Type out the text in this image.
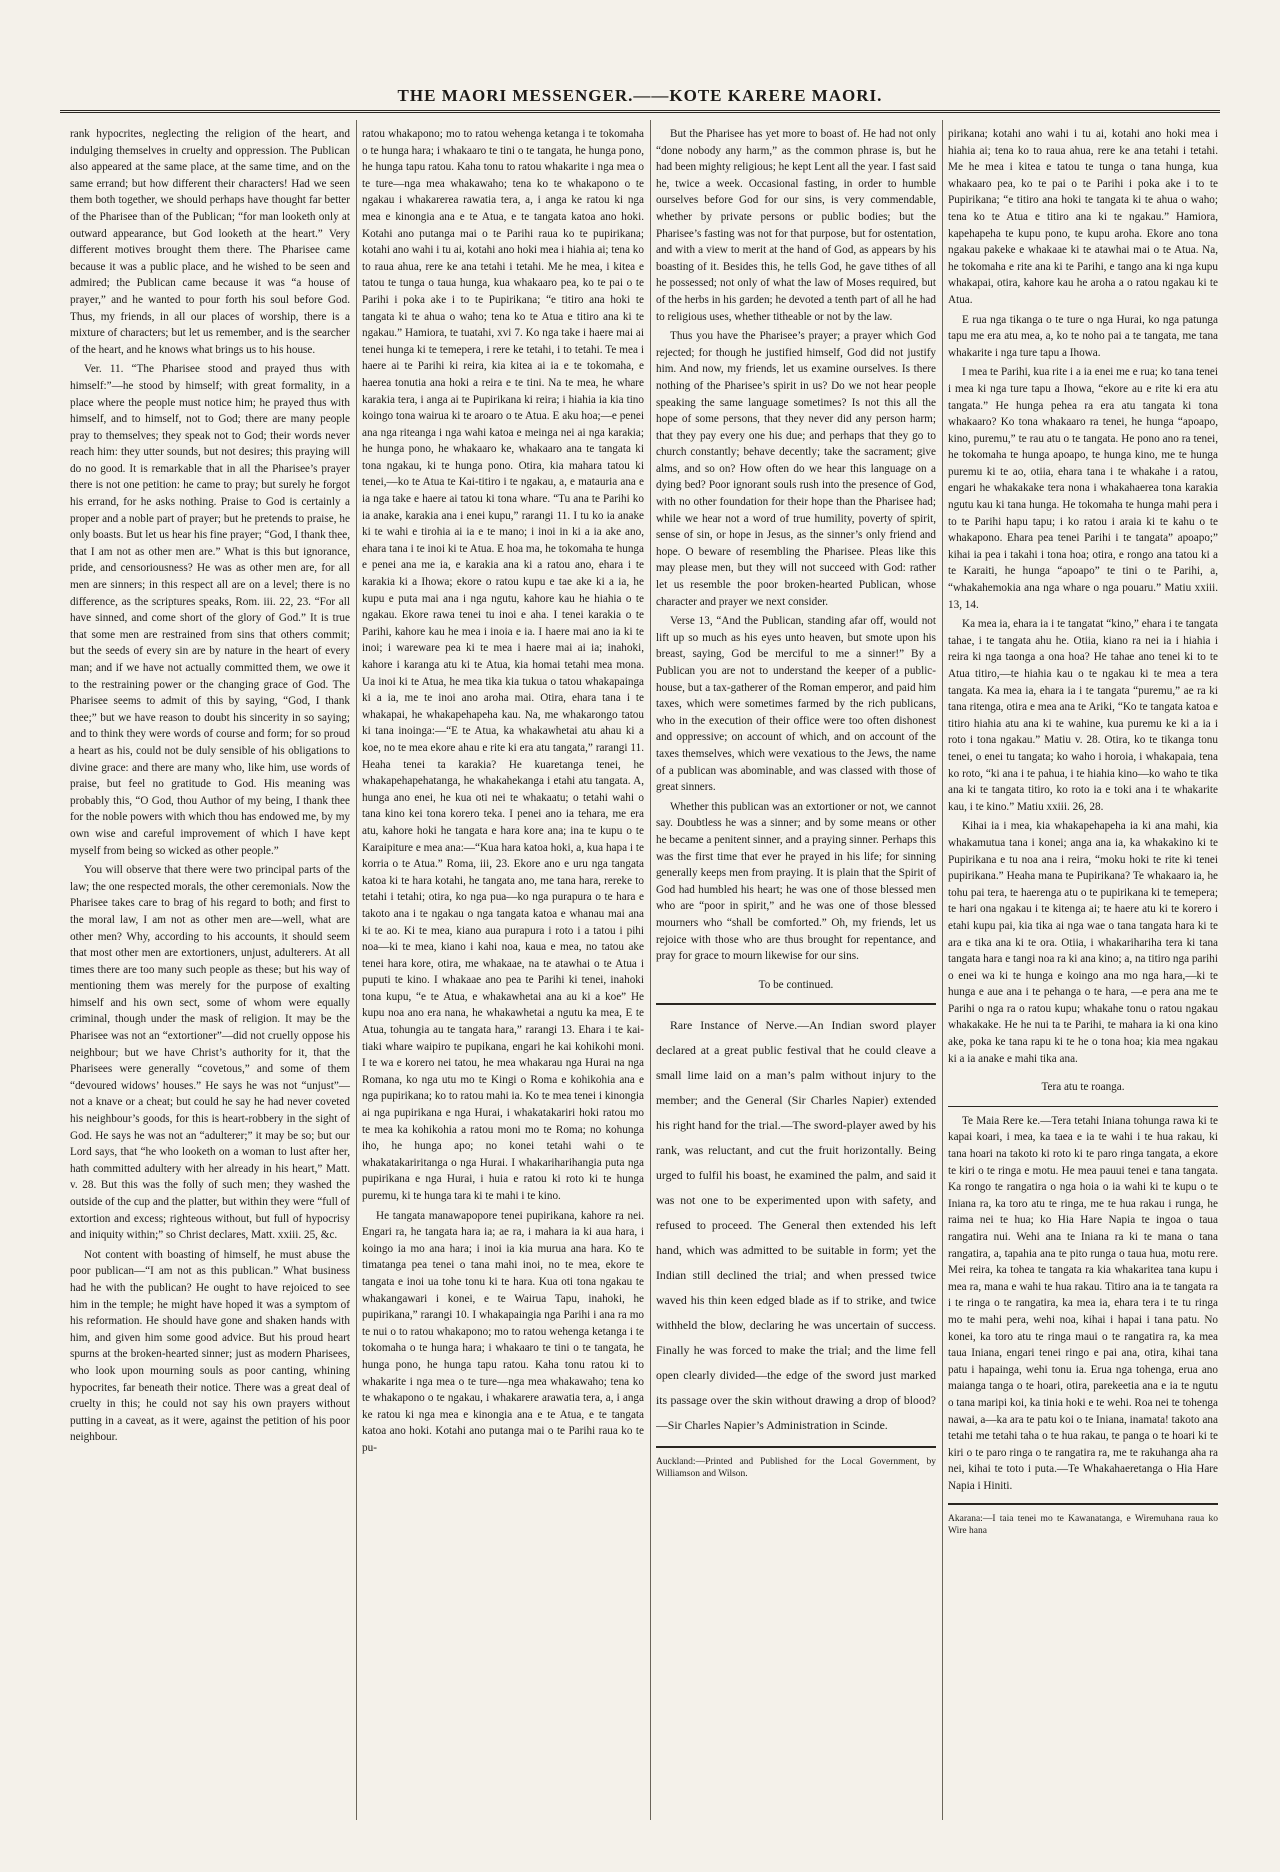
THE MAORI MESSENGER.——KOTE KARERE MAORI.

rank hypocrites, neglecting the religion of the heart, and indulging themselves in cruelty and oppression. The Publican also appeared at the same place, at the same time, and on the same errand; but how different their characters! Had we seen them both together, we should perhaps have thought far better of the Pharisee than of the Publican; “for man looketh only at outward appearance, but God looketh at the heart.” Very different motives brought them there. The Pharisee came because it was a public place, and he wished to be seen and admired; the Publican came because it was “a house of prayer,” and he wanted to pour forth his soul before God. Thus, my friends, in all our places of worship, there is a mixture of characters; but let us remember, and is the searcher of the heart, and he knows what brings us to his house.

Ver. 11. “The Pharisee stood and prayed thus with himself:”—he stood by himself; with great formality, in a place where the people must notice him; he prayed thus with himself, and to himself, not to God; there are many people pray to themselves; they speak not to God; their words never reach him: they utter sounds, but not desires; this praying will do no good. It is remarkable that in all the Pharisee’s prayer there is not one petition: he came to pray; but surely he forgot his errand, for he asks nothing. Praise to God is certainly a proper and a noble part of prayer; but he pretends to praise, he only boasts. But let us hear his fine prayer; “God, I thank thee, that I am not as other men are.” What is this but ignorance, pride, and censoriousness? He was as other men are, for all men are sinners; in this respect all are on a level; there is no difference, as the scriptures speaks, Rom. iii. 22, 23. “For all have sinned, and come short of the glory of God.” It is true that some men are restrained from sins that others commit; but the seeds of every sin are by nature in the heart of every man; and if we have not actually committed them, we owe it to the restraining power or the changing grace of God. The Pharisee seems to admit of this by saying, “God, I thank thee;” but we have reason to doubt his sincerity in so saying; and to think they were words of course and form; for so proud a heart as his, could not be duly sensible of his obligations to divine grace: and there are many who, like him, use words of praise, but feel no gratitude to God. His meaning was probably this, “O God, thou Author of my being, I thank thee for the noble powers with which thou has endowed me, by my own wise and careful improvement of which I have kept myself from being so wicked as other people.”

You will observe that there were two principal parts of the law; the one respected morals, the other ceremonials. Now the Pharisee takes care to brag of his regard to both; and first to the moral law, I am not as other men are—well, what are other men? Why, according to his accounts, it should seem that most other men are extortioners, unjust, adulterers. At all times there are too many such people as these; but his way of mentioning them was merely for the purpose of exalting himself and his own sect, some of whom were equally criminal, though under the mask of religion. It may be the Pharisee was not an “extortioner”—did not cruelly oppose his neighbour; but we have Christ’s authority for it, that the Pharisees were generally “covetous,” and some of them “devoured widows’ houses.” He says he was not “unjust”—not a knave or a cheat; but could he say he had never coveted his neighbour’s goods, for this is heart-robbery in the sight of God. He says he was not an “adulterer;” it may be so; but our Lord says, that “he who looketh on a woman to lust after her, hath committed adultery with her already in his heart,” Matt. v. 28. But this was the folly of such men; they washed the outside of the cup and the platter, but within they were “full of extortion and excess; righteous without, but full of hypocrisy and iniquity within;” so Christ declares, Matt. xxiii. 25, &c.

Not content with boasting of himself, he must abuse the poor publican—“I am not as this publican.” What business had he with the publican? He ought to have rejoiced to see him in the temple; he might have hoped it was a symptom of his reformation. He should have gone and shaken hands with him, and given him some good advice. But his proud heart spurns at the broken-hearted sinner; just as modern Pharisees, who look upon mourning souls as poor canting, whining hypocrites, far beneath their notice. There was a great deal of cruelty in this; he could not say his own prayers without putting in a caveat, as it were, against the petition of his poor neighbour.

ratou whakapono; mo to ratou wehenga ketanga i te tokomaha o te hunga hara; i whakaaro te tini o te tangata, he hunga pono, he hunga tapu ratou. Kaha tonu to ratou whakarite i nga mea o te ture—nga mea whakawaho; tena ko te whakapono o te ngakau i whakarerea rawatia tera, a, i anga ke ratou ki nga mea e kinongia ana e te Atua, e te tangata katoa ano hoki. Kotahi ano putanga mai o te Parihi raua ko te pupirikana; kotahi ano wahi i tu ai, kotahi ano hoki mea i hiahia ai; tena ko to raua ahua, rere ke ana tetahi i tetahi. Me he mea, i kitea e tatou te tunga o taua hunga, kua whakaaro pea, ko te pai o te Parihi i poka ake i to te Pupirikana; “e titiro ana hoki te tangata ki te ahua o waho; tena ko te Atua e titiro ana ki te ngakau.” Hamiora, te tuatahi, xvi 7. Ko nga take i haere mai ai tenei hunga ki te temepera, i rere ke tetahi, i to tetahi. Te mea i haere ai te Parihi ki reira, kia kitea ai ia e te tokomaha, e haerea tonutia ana hoki a reira e te tini. Na te mea, he whare karakia tera, i anga ai te Pupirikana ki reira; i hiahia ia kia tino koingo tona wairua ki te aroaro o te Atua. E aku hoa;—e penei ana nga riteanga i nga wahi katoa e meinga nei ai nga karakia; he hunga pono, he whakaaro ke, whakaaro ana te tangata ki tona ngakau, ki te hunga pono. Otira, kia mahara tatou ki tenei,—ko te Atua te Kai-titiro i te ngakau, a, e matauria ana e ia nga take e haere ai tatou ki tona whare. “Tu ana te Parihi ko ia anake, karakia ana i enei kupu,” rarangi 11. I tu ko ia anake ki te wahi e tirohia ai ia e te mano; i inoi in ki a ia ake ano, ehara tana i te inoi ki te Atua. E hoa ma, he tokomaha te hunga e penei ana me ia, e karakia ana ki a ratou ano, ehara i te karakia ki a Ihowa; ekore o ratou kupu e tae ake ki a ia, he kupu e puta mai ana i nga ngutu, kahore kau he hiahia o te ngakau. Ekore rawa tenei tu inoi e aha. I tenei karakia o te Parihi, kahore kau he mea i inoia e ia. I haere mai ano ia ki te inoi; i wareware pea ki te mea i haere mai ai ia; inahoki, kahore i karanga atu ki te Atua, kia homai tetahi mea mona. Ua inoi ki te Atua, he mea tika kia tukua o tatou whakapainga ki a ia, me te inoi ano aroha mai. Otira, ehara tana i te whakapai, he whakapehapeha kau. Na, me whakarongo tatou ki tana inoinga:—“E te Atua, ka whakawhetai atu ahau ki a koe, no te mea ekore ahau e rite ki era atu tangata,” rarangi 11. Heaha tenei ta karakia? He kuaretanga tenei, he whakapehapehatanga, he whakahekanga i etahi atu tangata. A, hunga ano enei, he kua oti nei te whakaatu; o tetahi wahi o tana kino kei tona korero teka. I penei ano ia tehara, me era atu, kahore hoki he tangata e hara kore ana; ina te kupu o te Karaipiture e mea ana:—“Kua hara katoa hoki, a, kua hapa i te korria o te Atua.” Roma, iii, 23. Ekore ano e uru nga tangata katoa ki te hara kotahi, he tangata ano, me tana hara, rereke to tetahi i tetahi; otira, ko nga pua—ko nga purapura o te hara e takoto ana i te ngakau o nga tangata katoa e whanau mai ana ki te ao. Ki te mea, kiano aua purapura i roto i a tatou i pihi noa—ki te mea, kiano i kahi noa, kaua e mea, no tatou ake tenei hara kore, otira, me whakaae, na te atawhai o te Atua i puputi te kino. I whakaae ano pea te Parihi ki tenei, inahoki tona kupu, “e te Atua, e whakawhetai ana au ki a koe” He kupu noa ano era nana, he whakawhetai a ngutu ka mea, E te Atua, tohungia au te tangata hara,” rarangi 13. Ehara i te kai-tiaki whare waipiro te pupikana, engari he kai kohikohi moni. I te wa e korero nei tatou, he mea whakarau nga Hurai na nga Romana, ko nga utu mo te Kingi o Roma e kohikohia ana e nga pupirikana; ko to ratou mahi ia. Ko te mea tenei i kinongia ai nga pupirikana e nga Hurai, i whakatakariri hoki ratou mo te mea ka kohikohia a ratou moni mo te Roma; no kohunga iho, he hunga apo; no konei tetahi wahi o te whakatakariritanga o nga Hurai. I whakariharihangia puta nga pupirikana e nga Hurai, i huia e ratou ki roto ki te hunga puremu, ki te hunga tara ki te mahi i te kino.

He tangata manawapopore tenei pupirikana, kahore ra nei. Engari ra, he tangata hara ia; ae ra, i mahara ia ki aua hara, i koingo ia mo ana hara; i inoi ia kia murua ana hara. Ko te timatanga pea tenei o tana mahi inoi, no te mea, ekore te tangata e inoi ua tohe tonu ki te hara. Kua oti tona ngakau te whakangawari i konei, e te Wairua Tapu, inahoki, he pupirikana,” rarangi 10. I whakapaingia nga Parihi i ana ra mo te nui o to ratou whakapono; mo to ratou wehenga ketanga i te tokomaha o te hunga hara; i whakaaro te tini o te tangata, he hunga pono, he hunga tapu ratou. Kaha tonu ratou ki to whakarite i nga mea o te ture—nga mea whakawaho; tena ko te whakapono o te ngakau, i whakarere arawatia tera, a, i anga ke ratou ki nga mea e kinongia ana e te Atua, e te tangata katoa ano hoki. Kotahi ano putanga mai o te Parihi raua ko te pu-

But the Pharisee has yet more to boast of. He had not only “done nobody any harm,” as the common phrase is, but he had been mighty religious; he kept Lent all the year. I fast said he, twice a week. Occasional fasting, in order to humble ourselves before God for our sins, is very commendable, whether by private persons or public bodies; but the Pharisee’s fasting was not for that purpose, but for ostentation, and with a view to merit at the hand of God, as appears by his boasting of it. Besides this, he tells God, he gave tithes of all he possessed; not only of what the law of Moses required, but of the herbs in his garden; he devoted a tenth part of all he had to religious uses, whether titheable or not by the law.

Thus you have the Pharisee’s prayer; a prayer which God rejected; for though he justified himself, God did not justify him. And now, my friends, let us examine ourselves. Is there nothing of the Pharisee’s spirit in us? Do we not hear people speaking the same language sometimes? Is not this all the hope of some persons, that they never did any person harm; that they pay every one his due; and perhaps that they go to church constantly; behave decently; take the sacrament; give alms, and so on? How often do we hear this language on a dying bed? Poor ignorant souls rush into the presence of God, with no other foundation for their hope than the Pharisee had; while we hear not a word of true humility, poverty of spirit, sense of sin, or hope in Jesus, as the sinner’s only friend and hope. O beware of resembling the Pharisee. Pleas like this may please men, but they will not succeed with God: rather let us resemble the poor broken-hearted Publican, whose character and prayer we next consider.

Verse 13, “And the Publican, standing afar off, would not lift up so much as his eyes unto heaven, but smote upon his breast, saying, God be merciful to me a sinner!” By a Publican you are not to understand the keeper of a public-house, but a tax-gatherer of the Roman emperor, and paid him taxes, which were sometimes farmed by the rich publicans, who in the execution of their office were too often dishonest and oppressive; on account of which, and on account of the taxes themselves, which were vexatious to the Jews, the name of a publican was abominable, and was classed with those of great sinners.

Whether this publican was an extortioner or not, we cannot say. Doubtless he was a sinner; and by some means or other he became a penitent sinner, and a praying sinner. Perhaps this was the first time that ever he prayed in his life; for sinning generally keeps men from praying. It is plain that the Spirit of God had humbled his heart; he was one of those blessed men who are “poor in spirit,” and he was one of those blessed mourners who “shall be comforted.” Oh, my friends, let us rejoice with those who are thus brought for repentance, and pray for grace to mourn likewise for our sins.

To be continued.

Rare Instance of Nerve.—An Indian sword player declared at a great public festival that he could cleave a small lime laid on a man’s palm without injury to the member; and the General (Sir Charles Napier) extended his right hand for the trial.—The sword-player awed by his rank, was reluctant, and cut the fruit horizontally. Being urged to fulfil his boast, he examined the palm, and said it was not one to be experimented upon with safety, and refused to proceed. The General then extended his left hand, which was admitted to be suitable in form; yet the Indian still declined the trial; and when pressed twice waved his thin keen edged blade as if to strike, and twice withheld the blow, declaring he was uncertain of success. Finally he was forced to make the trial; and the lime fell open clearly divided—the edge of the sword just marked its passage over the skin without drawing a drop of blood?—Sir Charles Napier’s Administration in Scinde.

Auckland:—Printed and Published for the Local Government, by Williamson and Wilson.

pirikana; kotahi ano wahi i tu ai, kotahi ano hoki mea i hiahia ai; tena ko to raua ahua, rere ke ana tetahi i tetahi. Me he mea i kitea e tatou te tunga o tana hunga, kua whakaaro pea, ko te pai o te Parihi i poka ake i to te Pupirikana; “e titiro ana hoki te tangata ki te ahua o waho; tena ko te Atua e titiro ana ki te ngakau.” Hamiora, kapehapeha te kupu pono, te kupu aroha. Ekore ano tona ngakau pakeke e whakaae ki te atawhai mai o te Atua. Na, he tokomaha e rite ana ki te Parihi, e tango ana ki nga kupu whakapai, otira, kahore kau he aroha a o ratou ngakau ki te Atua.

E rua nga tikanga o te ture o nga Hurai, ko nga patunga tapu me era atu mea, a, ko te noho pai a te tangata, me tana whakarite i nga ture tapu a Ihowa.

I mea te Parihi, kua rite i a ia enei me e rua; ko tana tenei i mea ki nga ture tapu a Ihowa, “ekore au e rite ki era atu tangata.” He hunga pehea ra era atu tangata ki tona whakaaro? Ko tona whakaaro ra tenei, he hunga “apoapo, kino, puremu,” te rau atu o te tangata. He pono ano ra tenei, he tokomaha te hunga apoapo, te hunga kino, me te hunga puremu ki te ao, otiia, ehara tana i te whakahe i a ratou, engari he whakakake tera nona i whakahaerea tona karakia ngutu kau ki tana hunga. He tokomaha te hunga mahi pera i to te Parihi hapu tapu; i ko ratou i araia ki te kahu o te whakapono. Ehara pea tenei Parihi i te tangata” apoapo;” kihai ia pea i takahi i tona hoa; otira, e rongo ana tatou ki a te Karaiti, he hunga “apoapo” te tini o te Parihi, a, “whakahemokia ana nga whare o nga pouaru.” Matiu xxiii. 13, 14.

Ka mea ia, ehara ia i te tangatat “kino,” ehara i te tangata tahae, i te tangata ahu he. Otiia, kiano ra nei ia i hiahia i reira ki nga taonga a ona hoa? He tahae ano tenei ki to te Atua titiro,—te hiahia kau o te ngakau ki te mea a tera tangata. Ka mea ia, ehara ia i te tangata “puremu,” ae ra ki tana ritenga, otira e mea ana te Ariki, “Ko te tangata katoa e titiro hiahia atu ana ki te wahine, kua puremu ke ki a ia i roto i tona ngakau.” Matiu v. 28. Otira, ko te tikanga tonu tenei, o enei tu tangata; ko waho i horoia, i whakapaia, tena ko roto, “ki ana i te pahua, i te hiahia kino—ko waho te tika ana ki te tangata titiro, ko roto ia e toki ana i te whakarite kau, i te kino.” Matiu xxiii. 26, 28.

Kihai ia i mea, kia whakapehapeha ia ki ana mahi, kia whakamutua tana i konei; anga ana ia, ka whakakino ki te Pupirikana e tu noa ana i reira, “moku hoki te rite ki tenei pupirikana.” Heaha mana te Pupirikana? Te whakaaro ia, he tohu pai tera, te haerenga atu o te pupirikana ki te temepera; te hari ona ngakau i te kitenga ai; te haere atu ki te korero i etahi kupu pai, kia tika ai nga wae o tana tangata hara ki te ara e tika ana ki te ora. Otiia, i whakarihariha tera ki tana tangata hara e tangi noa ra ki ana kino; a, na titiro nga parihi o enei wa ki te hunga e koingo ana mo nga hara,—ki te hunga e aue ana i te pehanga o te hara, —e pera ana me te Parihi o nga ra o ratou kupu; whakahe tonu o ratou ngakau whakakake. He he nui ta te Parihi, te mahara ia ki ona kino ake, poka ke tana rapu ki te he o tona hoa; kia mea ngakau ki a ia anake e mahi tika ana.

Tera atu te roanga.

Te Maia Rere ke.—Tera tetahi Iniana tohunga rawa ki te kapai koari, i mea, ka taea e ia te wahi i te hua rakau, ki tana hoari na takoto ki roto ki te paro ringa tangata, a ekore te kiri o te ringa e motu. He mea pauui tenei e tana tangata. Ka rongo te rangatira o nga hoia o ia wahi ki te kupu o te Iniana ra, ka toro atu te ringa, me te hua rakau i runga, he raima nei te hua; ko Hia Hare Napia te ingoa o taua rangatira nui. Wehi ana te Iniana ra ki te mana o tana rangatira, a, tapahia ana te pito runga o taua hua, motu rere. Mei reira, ka tohea te tangata ra kia whakaritea tana kupu i mea ra, mana e wahi te hua rakau. Titiro ana ia te tangata ra i te ringa o te rangatira, ka mea ia, ehara tera i te tu ringa mo te mahi pera, wehi noa, kihai i hapai i tana patu. No konei, ka toro atu te ringa maui o te rangatira ra, ka mea taua Iniana, engari tenei ringo e pai ana, otira, kihai tana patu i hapainga, wehi tonu ia. Erua nga tohenga, erua ano maianga tanga o te hoari, otira, parekeetia ana e ia te ngutu o tana maripi koi, ka tinia hoki e te wehi. Roa nei te tohenga nawai, a—ka ara te patu koi o te Iniana, inamata! takoto ana tetahi me tetahi taha o te hua rakau, te panga o te hoari ki te kiri o te paro ringa o te rangatira ra, me te rakuhanga aha ra nei, kihai te toto i puta.—Te Whakahaeretanga o Hia Hare Napia i Hiniti.

Akarana:—I taia tenei mo te Kawanatanga, e Wiremuhana raua ko Wire hana
